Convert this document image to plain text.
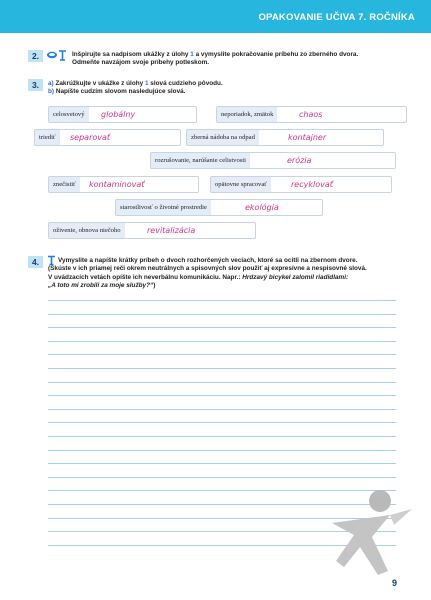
OPAKOVANIE UČIVA 7. ROČNÍKA
2.	Inšpirujte sa nadpisom ukážky z úlohy 1 a vymyslite pokračovanie príbehu zo zberného dvora.
Odmeňte navzájom svoje príbehy potleskom.
3.	a) Zakrúžkujte v ukážke z úlohy 1 slová cudzieho pôvodu.
b) Napíšte cudzím slovom nasledujúce slová.
celosvetový	globálny	neporiadok, zmätok	chaos
triediť	separovať	zberná nádoba na odpad	kontajner
rozrušovanie, narúšanie celistvosti	erózia
znečistiť	kontaminovať	opätovne spracovať	recyklovať
starostlivosť o životné prostredie	ekológia
oživenie, obnova niečoho	revitalizácia
4.	Vymyslite a napíšte krátky príbeh o dvoch rozhorčených veciach, ktoré sa ocitli na zbernom dvore.
(Skúste v ich priamej reči okrem neutrálnych a spisovných slov použiť aj expresívne a nespisovné slová.
V uvádzacích vetách opíšte ich neverbálnu komunikáciu. Napr.: Hrdzavý bicykel zalomil riadidlami:
„A toto mi zrobili za moje služby?“)
9
